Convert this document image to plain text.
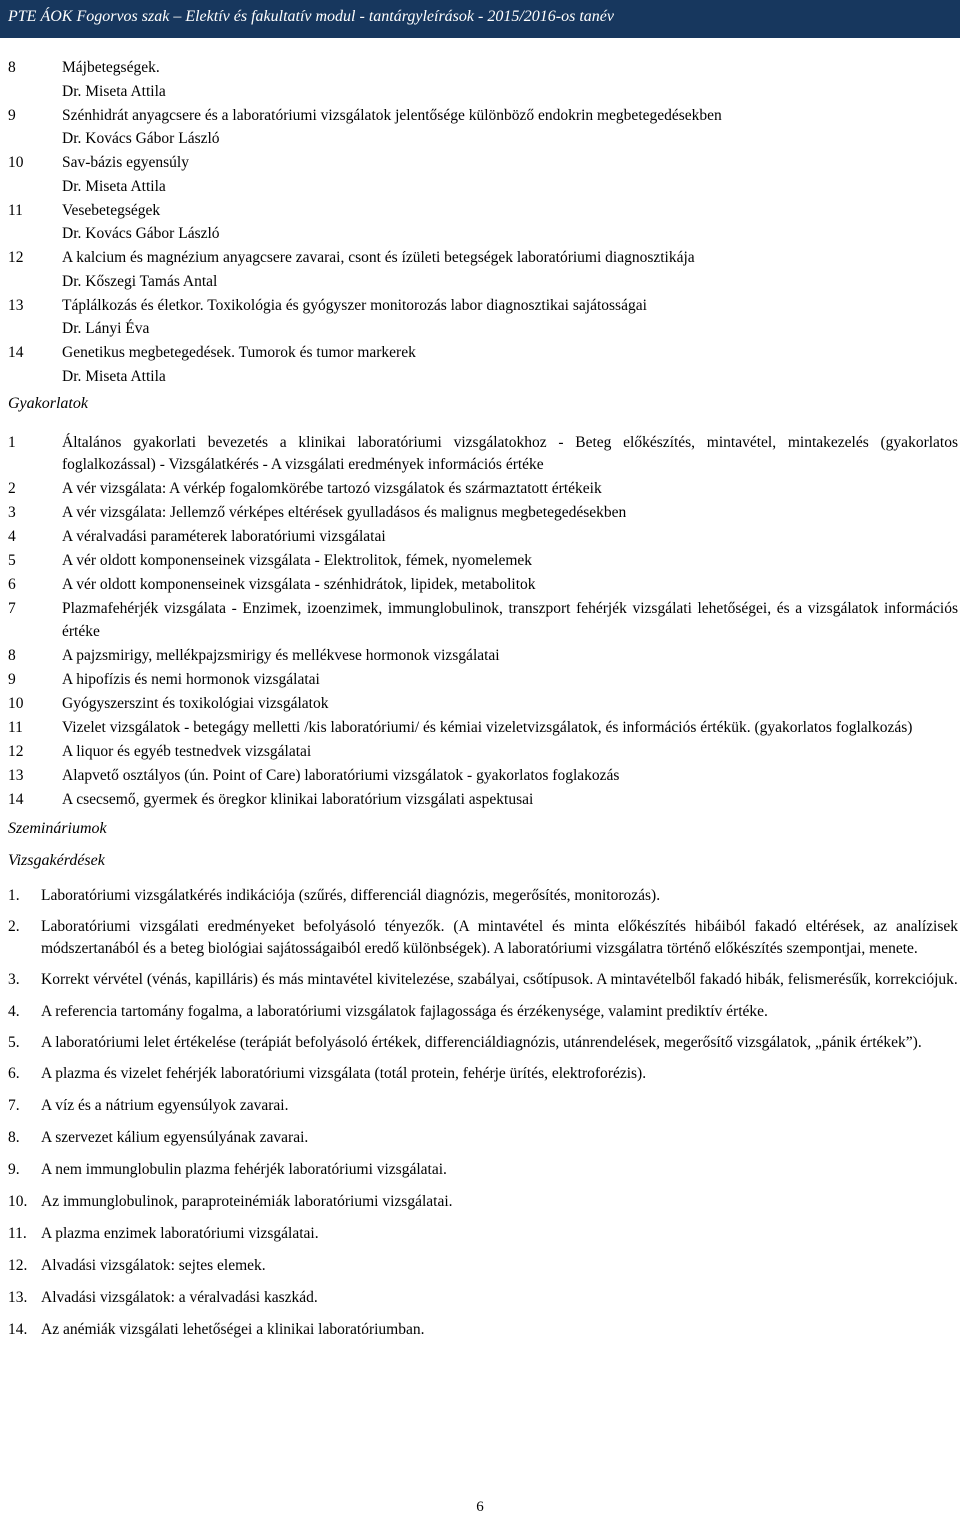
PTE ÁOK Fogorvos szak – Elektív és fakultatív modul - tantárgyleírások - 2015/2016-os tanév
8	Májbetegségek.
Dr. Miseta Attila
9	Szénhidrát anyagcsere és a laboratóriumi vizsgálatok jelentősége különböző endokrin megbetegedésekben
Dr. Kovács Gábor László
10	Sav-bázis egyensúly
Dr. Miseta Attila
11	Vesebetegségek
Dr. Kovács Gábor László
12	A kalcium és magnézium anyagcsere zavarai, csont és ízületi betegségek laboratóriumi diagnosztikája
Dr. Kőszegi Tamás Antal
13	Táplálkozás és életkor. Toxikológia és gyógyszer monitorozás labor diagnosztikai sajátosságai
Dr. Lányi Éva
14	Genetikus megbetegedések. Tumorok és tumor markerek
Dr. Miseta Attila
Gyakorlatok
1	Általános gyakorlati bevezetés a klinikai laboratóriumi vizsgálatokhoz - Beteg előkészítés, mintavétel, mintakezelés (gyakorlatos foglalkozással) - Vizsgálatkérés - A vizsgálati eredmények információs értéke
2	A vér vizsgálata: A vérkép fogalomkörébe tartozó vizsgálatok és származtatott értékeik
3	A vér vizsgálata: Jellemző vérképes eltérések gyulladásos és malignus megbetegedésekben
4	A véralvadási paraméterek laboratóriumi vizsgálatai
5	A vér oldott komponenseinek vizsgálata - Elektrolitok, fémek, nyomelemek
6	A vér oldott komponenseinek vizsgálata - szénhidrátok, lipidek, metabolitok
7	Plazmafehérjék vizsgálata - Enzimek, izoenzimek, immunglobulinok, transzport fehérjék vizsgálati lehetőségei, és a vizsgálatok információs értéke
8	A pajzsmirigy, mellékpajzsmirigy és mellékvese hormonok vizsgálatai
9	A hipofízis és nemi hormonok vizsgálatai
10	Gyógyszerszint és toxikológiai vizsgálatok
11	Vizelet vizsgálatok - betegágy melletti /kis laboratóriumi/ és kémiai vizeletvizsgálatok, és információs értékük. (gyakorlatos foglalkozás)
12	A liquor és egyéb testnedvek vizsgálatai
13	Alapvető osztályos (ún. Point of Care) laboratóriumi vizsgálatok - gyakorlatos foglakozás
14	A csecsemő, gyermek és öregkor klinikai laboratórium vizsgálati aspektusai
Szemináriumok
Vizsgakérdések
1.	Laboratóriumi vizsgálatkérés indikációja (szűrés, differenciál diagnózis, megerősítés, monitorozás).
2.	Laboratóriumi vizsgálati eredményeket befolyásoló tényezők. (A mintavétel és minta előkészítés hibáiból fakadó eltérések, az analízisek módszertanából és a beteg biológiai sajátosságaiból eredő különbségek). A laboratóriumi vizsgálatra történő előkészítés szempontjai, menete.
3.	Korrekt vérvétel (vénás, kapilláris) és más mintavétel kivitelezése, szabályai, csőtípusok. A mintavételből fakadó hibák, felismerésűk, korrekciójuk.
4.	A referencia tartomány fogalma, a laboratóriumi vizsgálatok fajlagossága és érzékenysége, valamint prediktív értéke.
5.	A laboratóriumi lelet értékelése (terápiát befolyásoló értékek, differenciáldiagnózis, utánrendelések, megerősítő vizsgálatok, „pánik értékek”).
6.	A plazma és vizelet fehérjék laboratóriumi vizsgálata (totál protein, fehérje ürítés, elektroforézis).
7.	A víz és a nátrium egyensúlyok zavarai.
8.	A szervezet kálium egyensúlyának zavarai.
9.	A nem immunglobulin plazma fehérjék laboratóriumi vizsgálatai.
10. Az immunglobulinok, paraproteinémiák laboratóriumi vizsgálatai.
11. A plazma enzimek laboratóriumi vizsgálatai.
12. Alvadási vizsgálatok: sejtes elemek.
13. Alvadási vizsgálatok: a véralvadási kaszkád.
14. Az anémiák vizsgálati lehetőségei a klinikai laboratóriumban.
6
